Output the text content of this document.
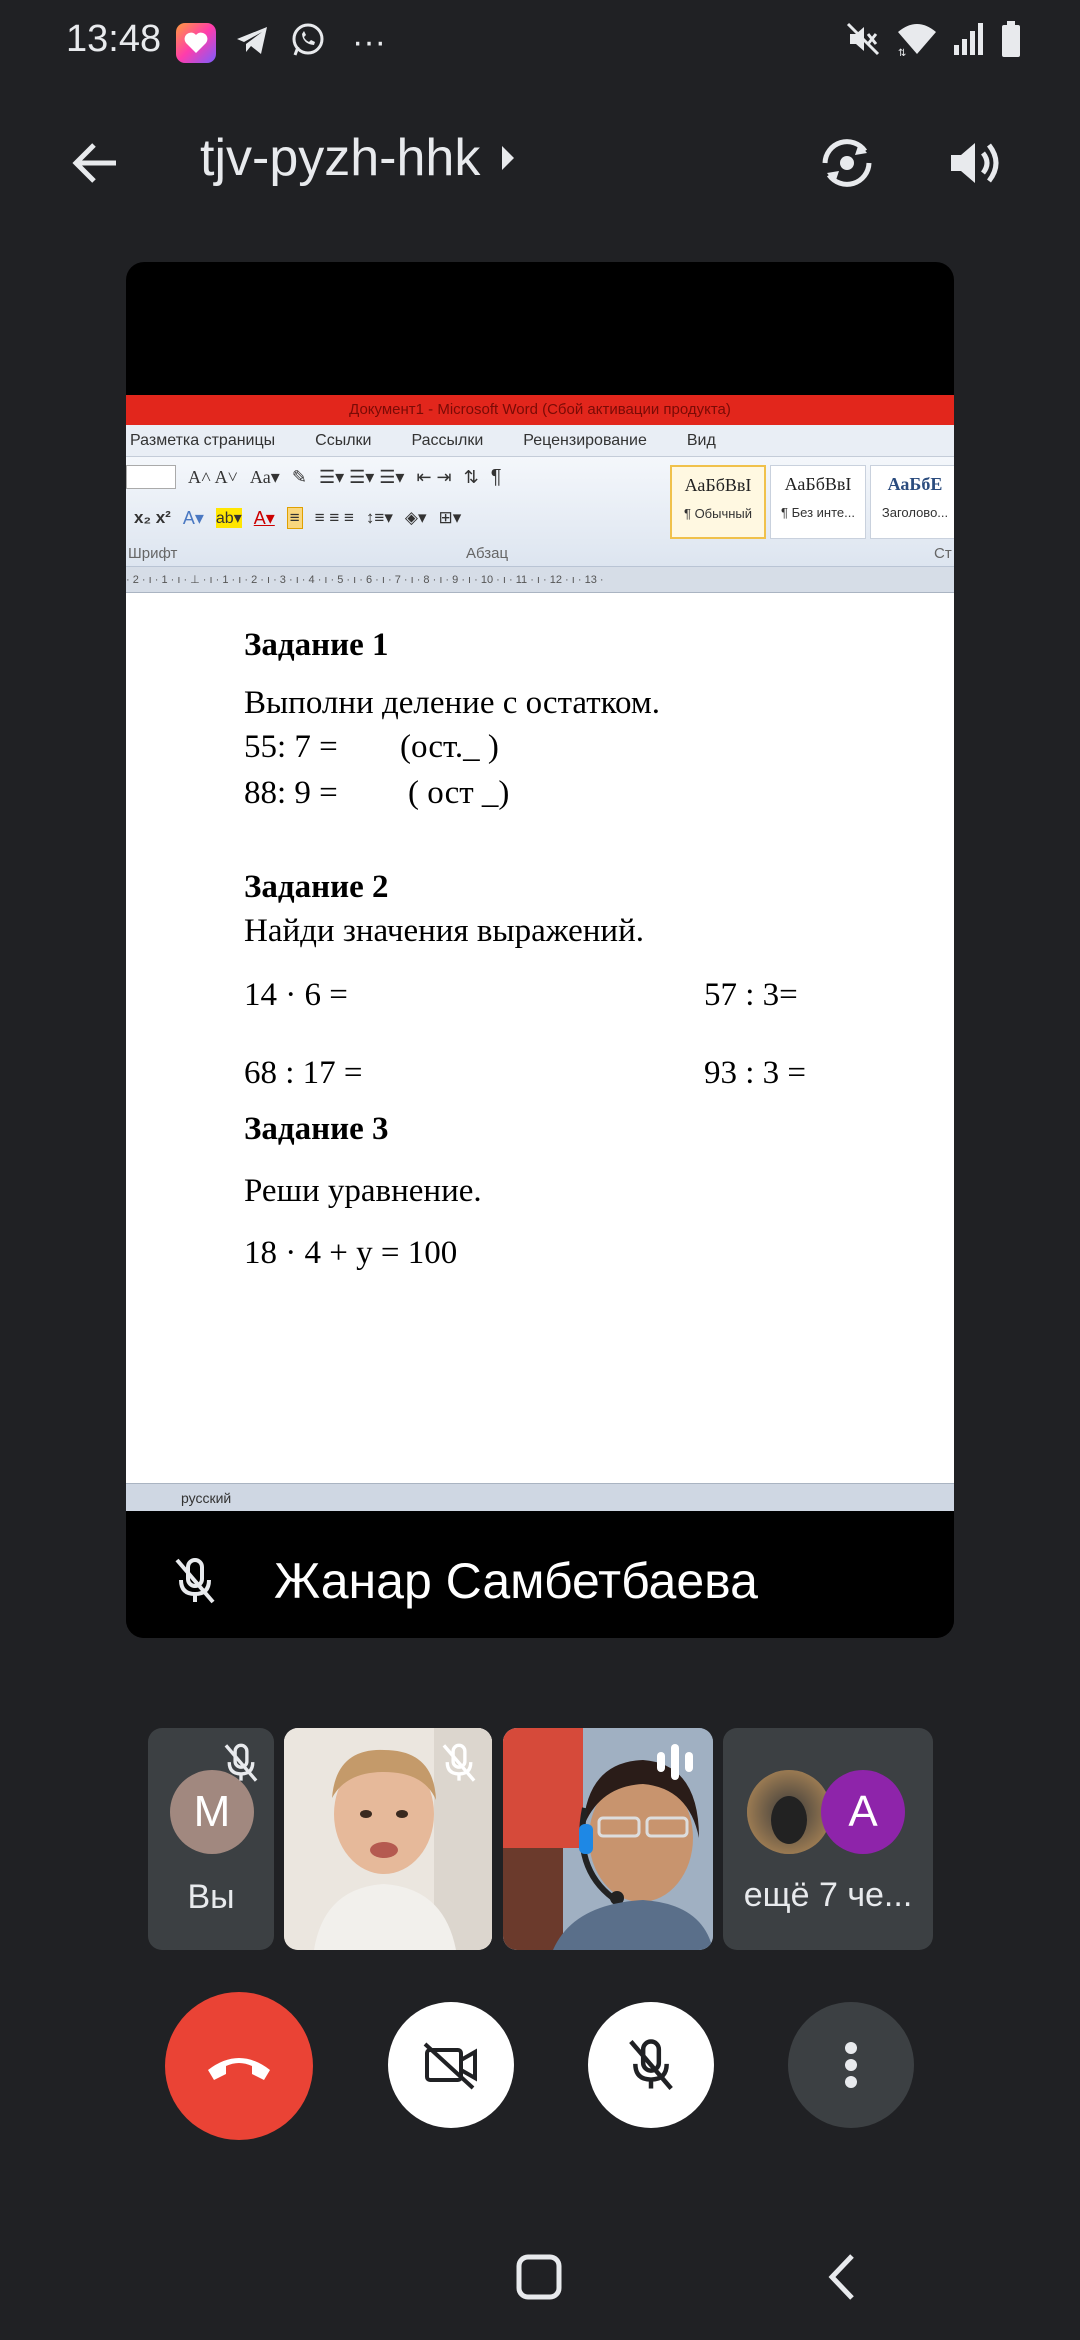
13:48	···	⇅
tjv-pyzh-hhk
Документ1 - Microsoft Word (Сбой активации продукта)
Разметка страницы	Ссылки	Рассылки	Рецензирование	Вид
A˄ A˅ Aa▾ ✎ ☰▾ ☰▾ ☰▾ ⇤ ⇥ ⇅ ¶
x₂ x² A▾ ab▾ A▾ ≡ ≡ ≡ ≡ ↕≡▾ ◈▾ ⊞▾
Шрифт	Абзац	Ст
АаБбВвI
¶ Обычный
АаБбВвI
¶ Без инте...
АаБбE
Заголово...
· 2 · ı · 1 · ı · ⊥ · ı · 1 · ı · 2 · ı · 3 · ı · 4 · ı · 5 · ı · 6 · ı · 7 · ı · 8 · ı · 9 · ı · 10 · ı · 11 · ı · 12 · ı · 13 ·
Задание 1
Выполни деление с остатком.
55: 7 = (ост._ )
88: 9 = ( ост _)
Задание 2
Найди значения выражений.
14 · 6 =	57 : 3=
68 : 17 =	93 : 3 =
Задание 3
Реши уравнение.
18 · 4 + у = 100
русский
Жанар Самбетбаева
М
Вы
А
ещё 7 че...
